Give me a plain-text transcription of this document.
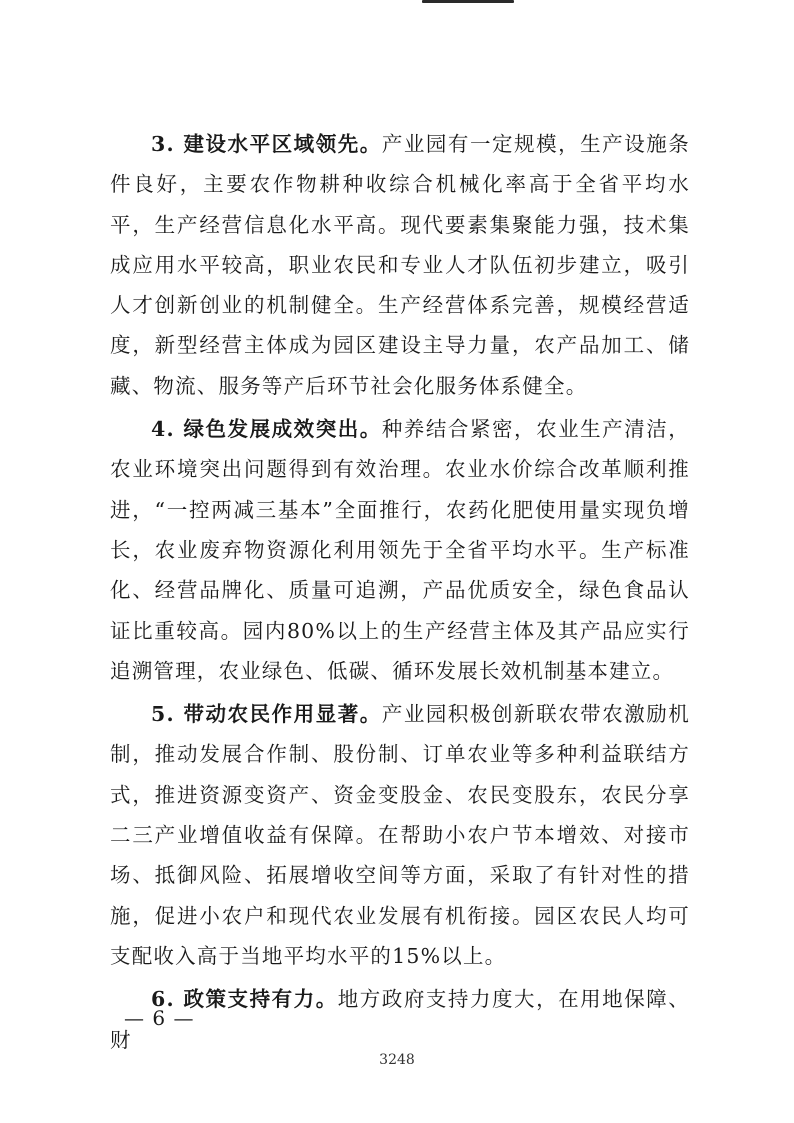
3. 建设水平区域领先。产业园有一定规模，生产设施条件良好，主要农作物耕种收综合机械化率高于全省平均水平，生产经营信息化水平高。现代要素集聚能力强，技术集成应用水平较高，职业农民和专业人才队伍初步建立，吸引人才创新创业的机制健全。生产经营体系完善，规模经营适度，新型经营主体成为园区建设主导力量，农产品加工、储藏、物流、服务等产后环节社会化服务体系健全。

4. 绿色发展成效突出。种养结合紧密，农业生产清洁，农业环境突出问题得到有效治理。农业水价综合改革顺利推进，“一控两减三基本”全面推行，农药化肥使用量实现负增长，农业废弃物资源化利用领先于全省平均水平。生产标准化、经营品牌化、质量可追溯，产品优质安全，绿色食品认证比重较高。园内80%以上的生产经营主体及其产品应实行追溯管理，农业绿色、低碳、循环发展长效机制基本建立。

5. 带动农民作用显著。产业园积极创新联农带农激励机制，推动发展合作制、股份制、订单农业等多种利益联结方式，推进资源变资产、资金变股金、农民变股东，农民分享二三产业增值收益有保障。在帮助小农户节本增效、对接市场、抵御风险、拓展增收空间等方面，采取了有针对性的措施，促进小农户和现代农业发展有机衔接。园区农民人均可支配收入高于当地平均水平的15%以上。

6. 政策支持有力。地方政府支持力度大，在用地保障、财

— 6 —
3248
